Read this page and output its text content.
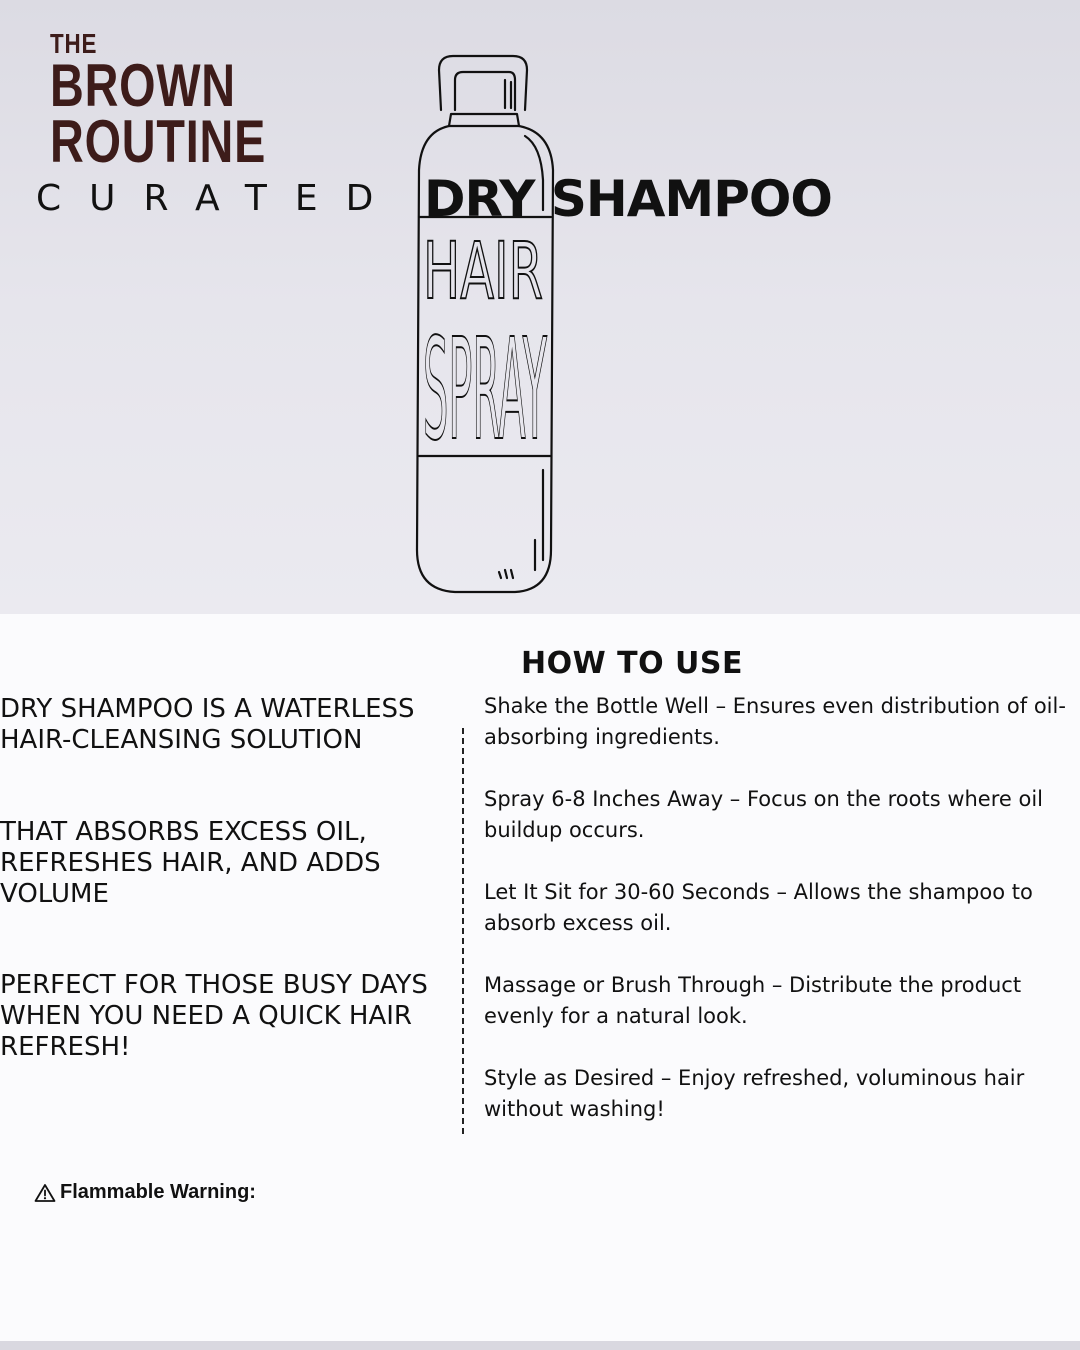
THE
BROWN
ROUTINE
CURATED
HAIR
SPRAY
DRY SHAMPOO
HOW TO USE

DRY SHAMPOO IS A WATERLESS HAIR-CLEANSING SOLUTION

THAT ABSORBS EXCESS OIL, REFRESHES HAIR, AND ADDS VOLUME

PERFECT FOR THOSE BUSY DAYS WHEN YOU NEED A QUICK HAIR REFRESH!

Shake the Bottle Well – Ensures even distribution of oil-absorbing ingredients.

Spray 6-8 Inches Away – Focus on the roots where oil buildup occurs.

Let It Sit for 30-60 Seconds – Allows the shampoo to absorb excess oil.

Massage or Brush Through – Distribute the product evenly for a natural look.

Style as Desired – Enjoy refreshed, voluminous hair without washing!

Flammable Warning:
